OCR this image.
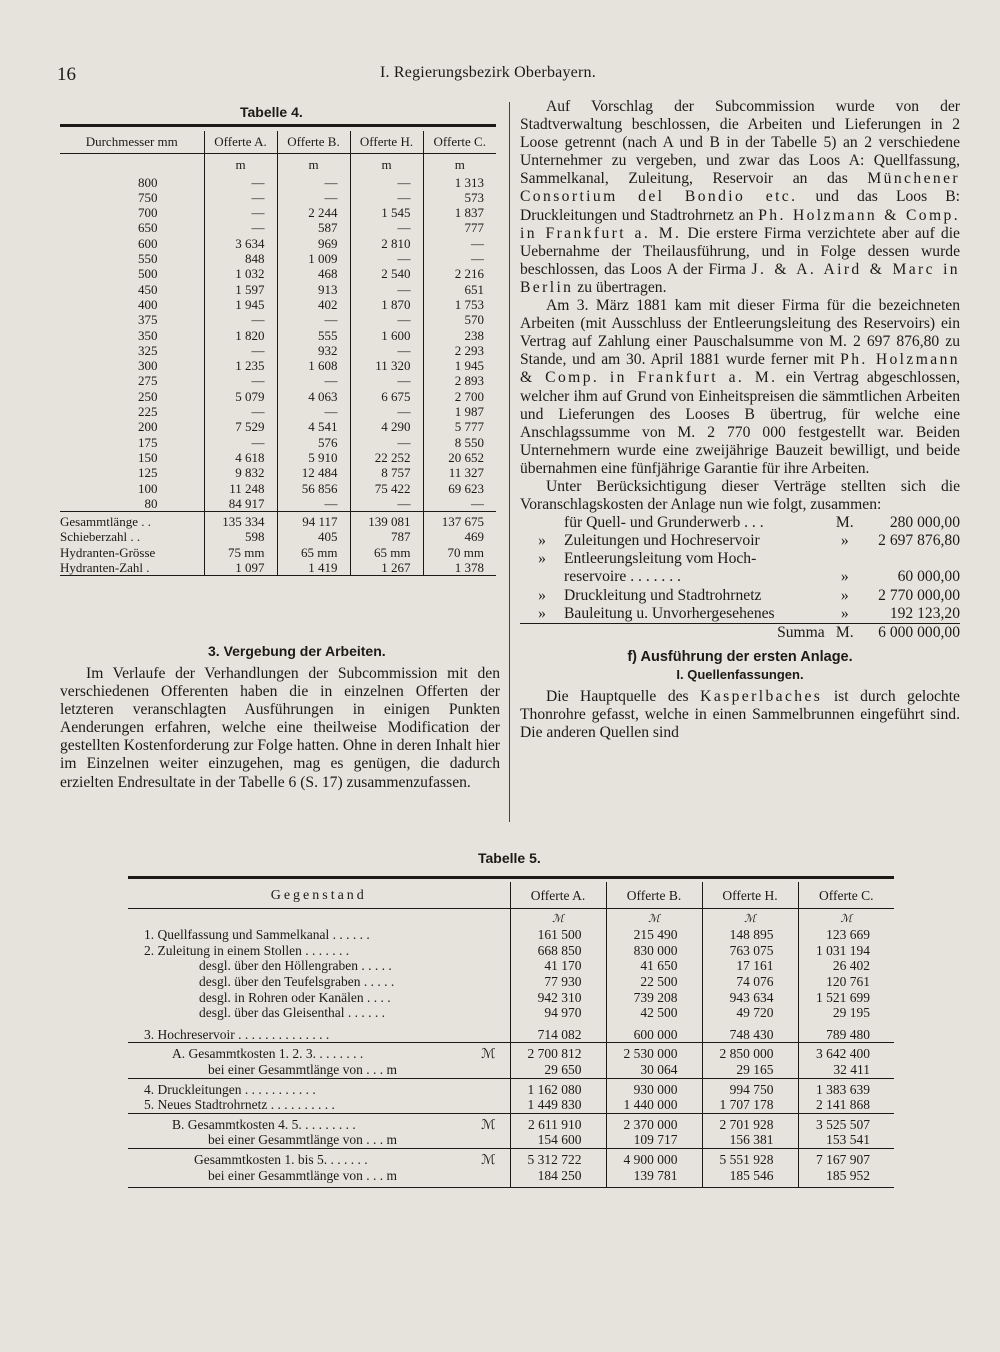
16	I. Regierungsbezirk Oberbayern.
Tabelle 4.

Durchmesser mm	Offerte A.	Offerte B.	Offerte H.	Offerte C.
	m	m	m	m
800	—	—	—	1 313
750	—	—	—	573
700	—	2 244	1 545	1 837
650	—	587	—	777
600	3 634	969	2 810	—
550	848	1 009	—	—
500	1 032	468	2 540	2 216
450	1 597	913	—	651
400	1 945	402	1 870	1 753
375	—	—	—	570
350	1 820	555	1 600	238
325	—	932	—	2 293
300	1 235	1 608	11 320	1 945
275	—	—	—	2 893
250	5 079	4 063	6 675	2 700
225	—	—	—	1 987
200	7 529	4 541	4 290	5 777
175	—	576	—	8 550
150	4 618	5 910	22 252	20 652
125	9 832	12 484	8 757	11 327
100	11 248	56 856	75 422	69 623
80	84 917	—	—	—
Gesammtlänge . .	135 334	94 117	139 081	137 675
Schieberzahl . .	598	405	787	469
Hydranten-Grösse	75 mm	65 mm	65 mm	70 mm
Hydranten-Zahl .	1 097	1 419	1 267	1 378
3. Vergebung der Arbeiten.
Im Verlaufe der Verhandlungen der Subcommission mit den verschiedenen Offerenten haben die in einzelnen Offerten der letzteren veranschlagten Ausführungen in einigen Punkten Aenderungen erfahren, welche eine theilweise Modification der gestellten Kostenforderung zur Folge hatten. Ohne in deren Inhalt hier im Einzelnen weiter einzugehen, mag es genügen, die dadurch erzielten Endresultate in der Tabelle 6 (S. 17) zusammenzufassen.

Auf Vorschlag der Subcommission wurde von der Stadtverwaltung beschlossen, die Arbeiten und Lieferungen in 2 Loose getrennt (nach A und B in der Tabelle 5) an 2 verschiedene Unternehmer zu vergeben, und zwar das Loos A: Quellfassung, Sammelkanal, Zuleitung, Reservoir an das Münchener Consortium del Bondio etc. und das Loos B: Druckleitungen und Stadtrohrnetz an Ph. Holzmann & Comp. in Frankfurt a. M. Die erstere Firma verzichtete aber auf die Uebernahme der Theilausführung, und in Folge dessen wurde beschlossen, das Loos A der Firma J. & A. Aird & Marc in Berlin zu übertragen.

Am 3. März 1881 kam mit dieser Firma für die bezeichneten Arbeiten (mit Ausschluss der Entleerungsleitung des Reservoirs) ein Vertrag auf Zahlung einer Pauschalsumme von M. 2 697 876,80 zu Stande, und am 30. April 1881 wurde ferner mit Ph. Holzmann & Comp. in Frankfurt a. M. ein Vertrag abgeschlossen, welcher ihm auf Grund von Einheitspreisen die sämmtlichen Arbeiten und Lieferungen des Looses B übertrug, für welche eine Anschlagssumme von M. 2 770 000 festgestellt war. Beiden Unternehmern wurde eine zweijährige Bauzeit bewilligt, und beide übernahmen eine fünfjährige Garantie für ihre Arbeiten.

Unter Berücksichtigung dieser Verträge stellten sich die Voranschlagskosten der Anlage nun wie folgt, zusammen:

	für Quell- und Grunderwerb . . .	M.	280 000,00
»	Zuleitungen und Hochreservoir	»	2 697 876,80
»	Entleerungsleitung vom Hoch-		
	reservoire . . . . . . .	»	60 000,00
»	Druckleitung und Stadtrohrnetz	»	2 770 000,00
»	Bauleitung u. Unvorhergesehenes	»	192 123,20
	Summa	M.	6 000 000,00
f) Ausführung der ersten Anlage.
I. Quellenfassungen.

Die Hauptquelle des Kasperlbaches ist durch gelochte Thonrohre gefasst, welche in einen Sammelbrunnen eingeführt sind. Die anderen Quellen sind

Tabelle 5.

Gegenstand	Offerte A.	Offerte B.	Offerte H.	Offerte C.
	ℳ	ℳ	ℳ	ℳ
1. Quellfassung und Sammelkanal . . . . . .	161 500	215 490	148 895	123 669
2. Zuleitung in einem Stollen . . . . . . .	668 850	830 000	763 075	1 031 194
desgl. über den Höllengraben . . . . .	41 170	41 650	17 161	26 402
desgl. über den Teufelsgraben . . . . .	77 930	22 500	74 076	120 761
desgl. in Rohren oder Kanälen . . . .	942 310	739 208	943 634	1 521 699
desgl. über das Gleisenthal . . . . . .	94 970	42 500	49 720	29 195
3. Hochreservoir . . . . . . . . . . . . . .	714 082	600 000	748 430	789 480
A. Gesammtkosten 1. 2. 3. . . . . . . . ℳ	2 700 812	2 530 000	2 850 000	3 642 400
bei einer Gesammtlänge von . . . m	29 650	30 064	29 165	32 411
4. Druckleitungen . . . . . . . . . . .	1 162 080	930 000	994 750	1 383 639
5. Neues Stadtrohrnetz . . . . . . . . . .	1 449 830	1 440 000	1 707 178	2 141 868
B. Gesammtkosten 4. 5. . . . . . . . . ℳ	2 611 910	2 370 000	2 701 928	3 525 507
bei einer Gesammtlänge von . . . m	154 600	109 717	156 381	153 541
Gesammtkosten 1. bis 5. . . . . . . ℳ	5 312 722	4 900 000	5 551 928	7 167 907
bei einer Gesammtlänge von . . . m	184 250	139 781	185 546	185 952
